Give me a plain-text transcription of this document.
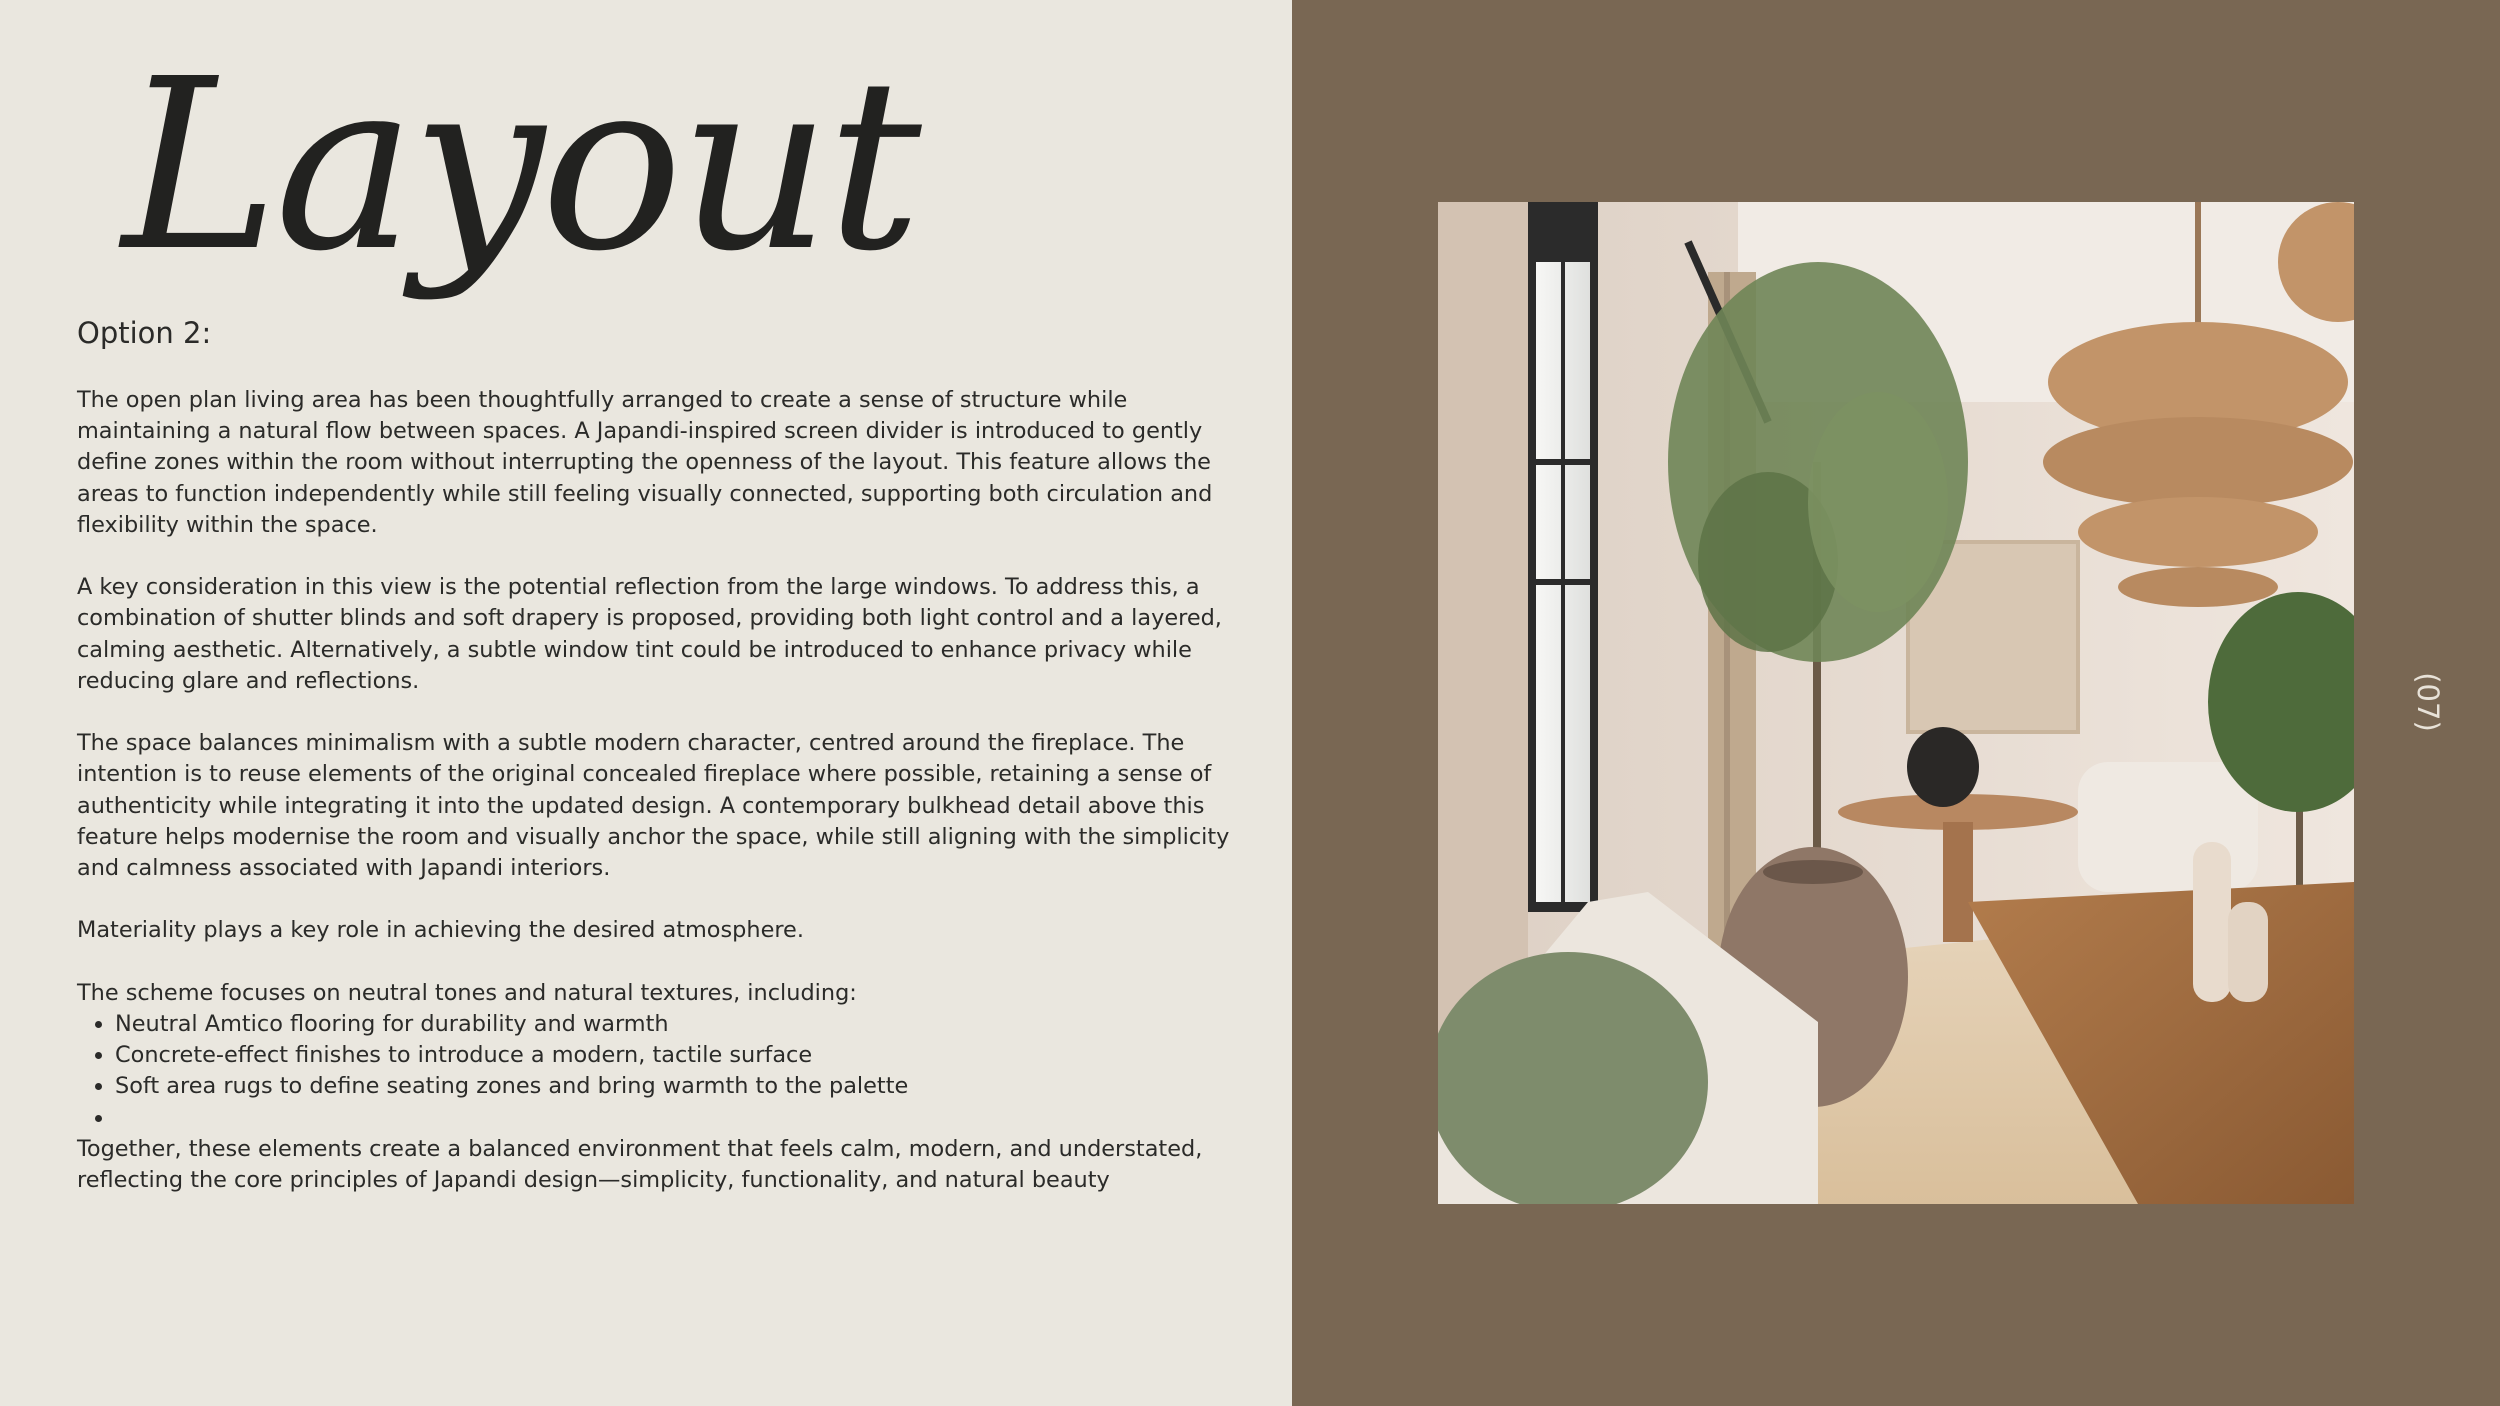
Layout
Option 2:

The open plan living area has been thoughtfully arranged to create a sense of structure while maintaining a natural flow between spaces. A Japandi-inspired screen divider is introduced to gently define zones within the room without interrupting the openness of the layout. This feature allows the areas to function independently while still feeling visually connected, supporting both circulation and flexibility within the space.

A key consideration in this view is the potential reflection from the large windows. To address this, a combination of shutter blinds and soft drapery is proposed, providing both light control and a layered, calming aesthetic. Alternatively, a subtle window tint could be introduced to enhance privacy while reducing glare and reflections.

The space balances minimalism with a subtle modern character, centred around the fireplace. The intention is to reuse elements of the original concealed fireplace where possible, retaining a sense of authenticity while integrating it into the updated design. A contemporary bulkhead detail above this feature helps modernise the room and visually anchor the space, while still aligning with the simplicity and calmness associated with Japandi interiors.

Materiality plays a key role in achieving the desired atmosphere.

The scheme focuses on neutral tones and natural textures, including:

• Neutral Amtico flooring for durability and warmth
• Concrete-effect finishes to introduce a modern, tactile surface
• Soft area rugs to define seating zones and bring warmth to the palette
•

Together, these elements create a balanced environment that feels calm, modern, and understated, reflecting the core principles of Japandi design—simplicity, functionality, and natural beauty

(07)
